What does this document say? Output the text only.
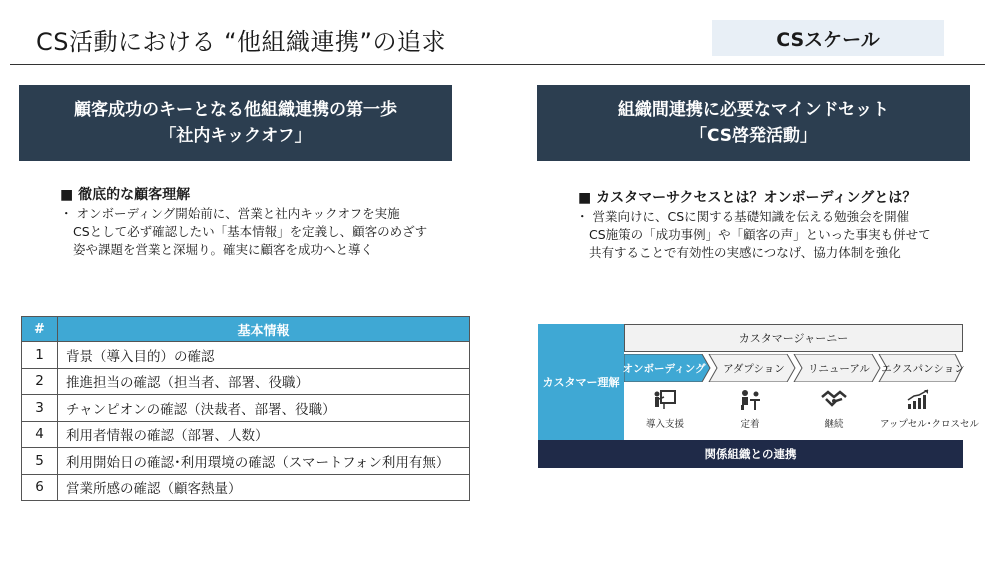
CS活動における “他組織連携”の追求	CSスケール
顧客成功のキーとなる他組織連携の第一歩
「社内キックオフ」
■ 徹底的な顧客理解
・ オンボーディング開始前に、営業と社内キックオフを実施
CSとして必ず確認したい「基本情報」を定義し、顧客のめざす
姿や課題を営業と深堀り。確実に顧客を成功へと導く
#	基本情報
1	背景（導入目的）の確認
2	推進担当の確認（担当者、部署、役職）
3	チャンピオンの確認（決裁者、部署、役職）
4	利用者情報の確認（部署、人数）
5	利用開始日の確認･利用環境の確認（スマートフォン利用有無）
6	営業所感の確認（顧客熱量）
組織間連携に必要なマインドセット
「CS啓発活動」
■ カスタマーサクセスとは？オンボーディングとは？
・ 営業向けに、CSに関する基礎知識を伝える勉強会を開催
CS施策の「成功事例」や「顧客の声」といった事実も併せて
共有することで有効性の実感につなげ、協力体制を強化
カスタマー理解
カスタマージャーニー
オンボーディング	アダプション	リニューアル	エクスパンション
導入支援	定着	継続	アップセル･クロスセル
関係組織との連携
